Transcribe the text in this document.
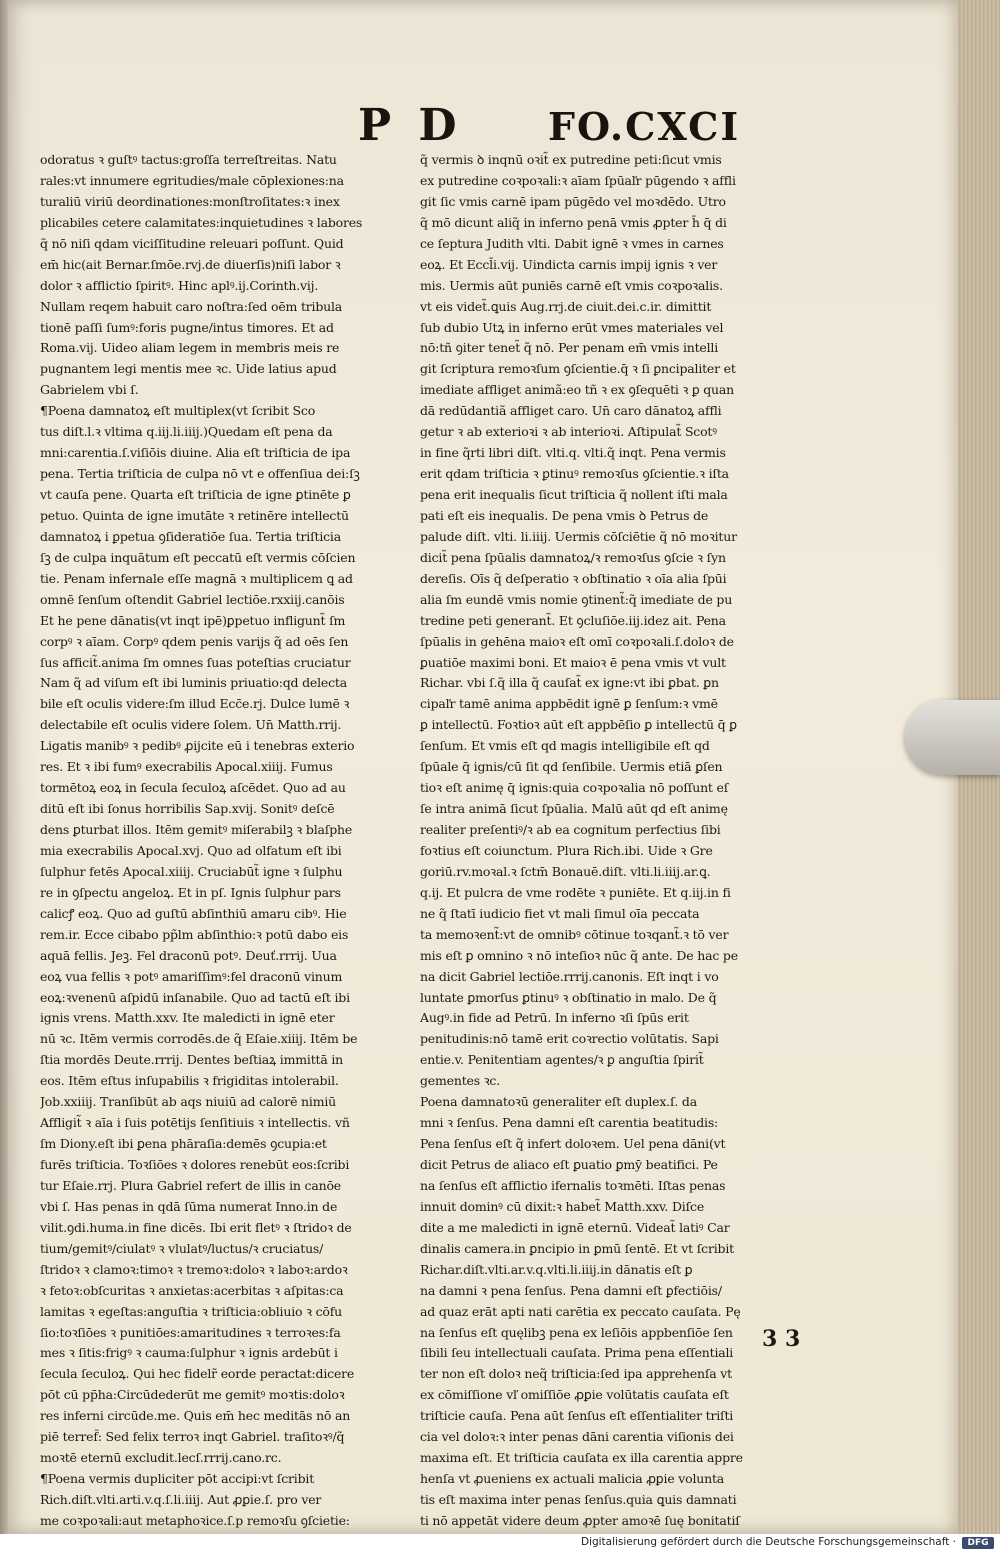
P D FO.CXCI
odoratus ꝛ guſtꝰ tactus:groſſa terreſtreitas. Natu
rales:vt innumere egritudies/male cōplexiones:na
turaliū viriū deordinationes:monſtroſitates:ꝛ inex
plicabiles cetere calamitates:inquietudines ꝛ labores
q̃ nō niſi qdam viciſſitudine releuari poſſunt. Quid
em̄ hic(ait Bernar.ſmōe.rvj.de diuerſis)niſi labor ꝛ
dolor ꝛ afflictio ſpiritꝰ. Hinc aplꝰ.ij.Corinth.vij.
Nullam reqem habuit caro noſtra:ſed oēm tribula
tionē paſſi ſumꝰ:foris pugne/intus timores. Et ad
Roma.vij. Uideo aliam legem in membris meis re
pugnantem legi mentis mee ꝛc. Uide latius apud
Gabrielem vbi ſ.
¶Poena damnatoꝝ eſt multiplex(vt ſcribit Sco
tus diſt.l.ꝛ vltima q.iij.li.iiij.)Quedam eſt pena da
mni:carentia.ſ.viſiōis diuine. Alia eſt triſticia de ipa
pena. Tertia triſticia de culpa nō vt e offenſiua dei:ſꝫ
vt cauſa pene. Quarta eſt triſticia de igne ꝑtinēte ꝑ
petuo. Quinta de igne imutāte ꝛ retinēre intellectū
damnatoꝝ i ꝑpetua ꝯſideratiōe ſua. Tertia triſticia
ſꝫ de culpa inquātum eſt peccatū eſt vermis cōſcien
tie. Penam infernale eſſe magnā ꝛ multiplicem ꝗ ad
omnē ſenſum oſtendit Gabriel lectiōe.rxxiij.canōis
Et he pene dānatis(vt inqt ipē)ꝑpetuo infligunt̃ ſm
corpꝰ ꝛ aīam. Corpꝰ qdem penis varijs q̃ ad oēs ſen
ſus afficit̃.anima ſm omnes ſuas poteſtias cruciatur
Nam q̃ ad viſum eſt ibi luminis priuatio:qd delecta
bile eſt oculis videre:ſm illud Ecc̄e.rj. Dulce lumē ꝛ
delectabile eſt oculis videre ſolem. Un̄ Matth.rrij.
Ligatis manibꝰ ꝛ pedibꝰ ꝓijcite eū i tenebras exterio
res. Et ꝛ ibi fumꝰ execrabilis Apocal.xiiij. Fumus
tormētoꝝ eoꝝ in ſecula ſeculoꝝ aſcēdet. Quo ad au
ditū eſt ibi ſonus horribilis Sap.xvij. Sonitꝰ deſcē
dens ꝑturbat illos. Itēm gemitꝰ miſerabilꝫ ꝛ blaſphe
mia execrabilis Apocal.xvj. Quo ad olfatum eſt ibi
ſulphur fetēs Apocal.xiiij. Cruciabūt̃ igne ꝛ ſulphu
re in ꝯſpectu angeloꝝ. Et in pſ. Ignis ſulphur pars
calicꝭ eoꝝ. Quo ad guſtū abſinthiū amaru cibꝰ. Hie
rem.ir. Ecce cibabo pp̃lm abſinthio:ꝛ potū dabo eis
aquā fellis. Jeꝫ. Fel draconū potꝰ. Deuť.rrrij. Uua
eoꝝ vua fellis ꝛ potꝰ amariſſimꝰ:fel draconū vinum
eoꝝ:ꝛvenenū aſpidū inſanabile. Quo ad tactū eſt ibi
ignis vrens. Matth.xxv. Ite maledicti in ignē eter
nū ꝛc. Itēm vermis corrodēs.de q̃ Eſaie.xiiij. Itēm be
ſtia mordēs Deute.rrrij. Dentes beſtiaꝝ immittā in
eos. Itēm eſtus inſupabilis ꝛ frigiditas intolerabil.
Job.xxiiij. Tranſibūt ab aqs niuiū ad calorē nimiū
Affligit̃ ꝛ aīa i ſuis potētijs ſenſitiuis ꝛ intellectis. vñ
ſm Diony.eſt ibi ꝑena phāraſia:demēs ꝯcupia:et
furēs triſticia. Toꝛſiōes ꝛ dolores renebūt eos:ſcribi
tur Eſaie.rrj. Plura Gabriel refert de illis in canōe
vbi ſ. Has penas in qdā ſūma numerat Inno.in de
vilit.ꝯdi.huma.in fine dicēs. Ibi erit fletꝰ ꝛ ſtridoꝛ de
tium/gemitꝰ/ciulatꝰ ꝛ vlulatꝰ/luctus/ꝛ cruciatus/
ſtridoꝛ ꝛ clamoꝛ:timoꝛ ꝛ tremoꝛ:doloꝛ ꝛ laboꝛ:ardoꝛ
ꝛ fetoꝛ:obſcuritas ꝛ anxietas:acerbitas ꝛ aſpitas:ca
lamitas ꝛ egeſtas:anguſtia ꝛ triſticia:obliuio ꝛ cōfu
ſio:toꝛſiōes ꝛ punitiōes:amaritudines ꝛ terroꝛes:fa
mes ꝛ ſitis:frigꝰ ꝛ cauma:ſulphur ꝛ ignis ardebūt i
ſecula ſeculoꝝ. Qui hec fidelr̃ eorde peractat:dicere
pōt cū pp̄ha:Circūdederūt me gemitꝰ moꝛtis:doloꝛ
res inferni circūde.me. Quis em̄ hec meditās nō an
piē terref̃: Sed felix terroꝛ inqt Gabriel. traſitoꝛꝰ/q̃
moꝛtē eternū excludit.lecſ.rrrij.cano.rc.
¶Poena vermis dupliciter pōt accipi:vt ſcribit
Rich.diſt.vlti.arti.v.q.ſ.li.iiij. Aut ꝓꝑie.ſ. pro ver
me coꝛpoꝛali:aut metaphoꝛice.ſ.p remoꝛſu ꝯſcietie:
q̃ vermis ꝺ inqnū oꝛit̃ ex putredine peti:ſicut vmis
ex putredine coꝛpoꝛali:ꝛ aīam ſpūaľr pūgendo ꝛ affli
git ſic vmis carnē ipam pūgēdo vel moꝛdēdo. Utro
q̃ mō dicunt aliq̃ in inferno penā vmis ꝓpter h̄ q̄ di
ce ſeptura Judith vlti. Dabit ignē ꝛ vmes in carnes
eoꝝ. Et Eccl̄i.vij. Uindicta carnis impij ignis ꝛ ver
mis. Uermis aūt puniēs carnē eſt vmis coꝛpoꝛalis.
vt eis videt̃.ꝗuis Aug.rrj.de ciuit.dei.c.ir. dimittit
ſub dubio Utꝝ in inferno erūt vmes materiales vel
nō:tñ ꝯiter tenet̃ q̃ nō. Per penam em̄ vmis intelli
git ſcriptura remoꝛſum ꝯſcientie.q̄ ꝛ ſi ꝑncipaliter et
imediate affliget animã:eo tñ ꝛ ex ꝯſequēti ꝛ ꝑ quan
dā redūdantiã affliget caro. Un̄ caro dānatoꝝ affli
getur ꝛ ab exterioꝛi ꝛ ab interioꝛi. Aſtipulat̃ Scotꝰ
in fine q̃rti libri diſt. vlti.q. vlti.q̃ inqt. Pena vermis
erit qdam triſticia ꝛ ꝑtinuꝰ remoꝛſus ꝯſcientie.ꝛ iſta
pena erit inequalis ſicut triſticia q̃ nollent iſti mala
pati eſt eis inequalis. De pena vmis ꝺ Petrus de
palude diſt. vlti. li.iiij. Uermis cōſciētie q̃ nō moꝛitur
dicit̃ pena ſpūalis damnatoꝝ/ꝛ remoꝛſus ꝯſcie ꝛ ſyn
dereſis. Oīs q̃ deſperatio ꝛ obſtinatio ꝛ oīa alia ſpūi
alia ſm eundē vmis nomie ꝯtinent̃:q̃ imediate de pu
tredine peti generant̃. Et ꝯcluſiōe.iij.idez ait. Pena
ſpūalis in gehēna maioꝛ eſt omī coꝛpoꝛali.ſ.doloꝛ de
ꝑuatiōe maximi boni. Et maioꝛ ē pena vmis vt vult
Richar. vbi ſ.q̃ illa q̃ cauſat̃ ex igne:vt ibi ꝑbat. ꝑn
cipaľr tamē anima appbēdit ignē ꝑ ſenſum:ꝛ vmē
ꝑ intellectū. Foꝛtioꝛ aūt eſt appbēſio ꝑ intellectū q̄ ꝑ
ſenſum. Et vmis eſt qd magis intelligibile eſt qd
ſpūale q̄ ignis/cū ſit qd ſenſibile. Uermis etiā ꝑſen
tioꝛ eſt animę q̄ ignis:quia coꝛpoꝛalia nō poſſunt eſ
ſe intra animā ſicut ſpūalia. Malū aūt qd eſt animę
realiter preſentiꝰ/ꝛ ab ea cognitum perfectius ſibi
foꝛtius eſt coiunctum. Plura Rich.ibi. Uide ꝛ Gre
goriū.rv.moꝛal.ꝛ ſctm̄ Bonauē.diſt. vlti.li.iiij.ar.ꝗ.
q.ij. Et pulcra de vme rodēte ꝛ puniēte. Et q.iij.in fi
ne q̃ ſtatī iudicio fiet vt mali ſimul oīa peccata
ta memoꝛent̃:vt de omnibꝰ cōtinue toꝛqant̃.ꝛ tō ver
mis eſt ꝑ omnino ꝛ nō inteſioꝛ nūc q̃ ante. De hac pe
na dicit Gabriel lectiōe.rrrij.canonis. Eſt inqt i vo
luntate ꝑmorſus ꝑtinuꝰ ꝛ obſtinatio in malo. De q̃
Augꝰ.in fide ad Petrū. In inferno ꝛſi ſpūs erit
penitudinis:nō tamē erit coꝛrectio volūtatis. Sapi
entie.v. Penitentiam agentes/ꝛ ꝑ anguſtia ſpirit̃
gementes ꝛc.
Poena damnatoꝛū generaliter eſt duplex.ſ. da
mni ꝛ ſenſus. Pena damni eſt carentia beatitudis:
Pena ſenſus eſt q̃ infert doloꝛem. Uel pena dāni(vt
dicit Petrus de aliaco eſt ꝑuatio ꝑmȳ beatifici. Pe
na ſenſus eſt afflictio ifernalis toꝛmēti. Iſtas penas
innuit dominꝰ cū dixit:ꝛ habet̃ Matth.xxv. Diſce
dite a me maledicti in ignē eternū. Videat̃ latiꝰ Car
dinalis camera.in ꝑncipio in ꝑmū ſentē. Et vt ſcribit
Richar.diſt.vlti.ar.v.q.vlti.li.iiij.in dānatis eſt ꝑ
na damni ꝛ pena ſenſus. Pena damni eſt ꝑfectiōis/
ad quaz erāt apti nati carētia ex peccato cauſata. Pę
na ſenſus eſt quęlibꝫ pena ex leſiōis appbenſiōe ſen
ſibili ſeu intellectuali cauſata. Prima pena eſſentiali
ter non eſt doloꝛ neq̃ triſticia:ſed ipa apprehenſa vt
ex cōmiſſione vľ omiſſiōe ꝓꝑie volūtatis cauſata eſt
triſticie cauſa. Pena aūt ſenſus eſt eſſentialiter triſti
cia vel doloꝛ:ꝛ inter penas dāni carentia viſionis dei
maxima eſt. Et triſticia cauſata ex illa carentia appre
henſa vt ꝓueniens ex actuali malicia ꝓꝑie volunta
tis eſt maxima inter penas ſenſus.quia ꝗuis damnati
ti nō appetāt videre deum ꝓpter amoꝛē ſuę bonitatiſ
3 3
Digitalisierung gefördert durch die Deutsche Forschungsgemeinschaft ·	DFG
